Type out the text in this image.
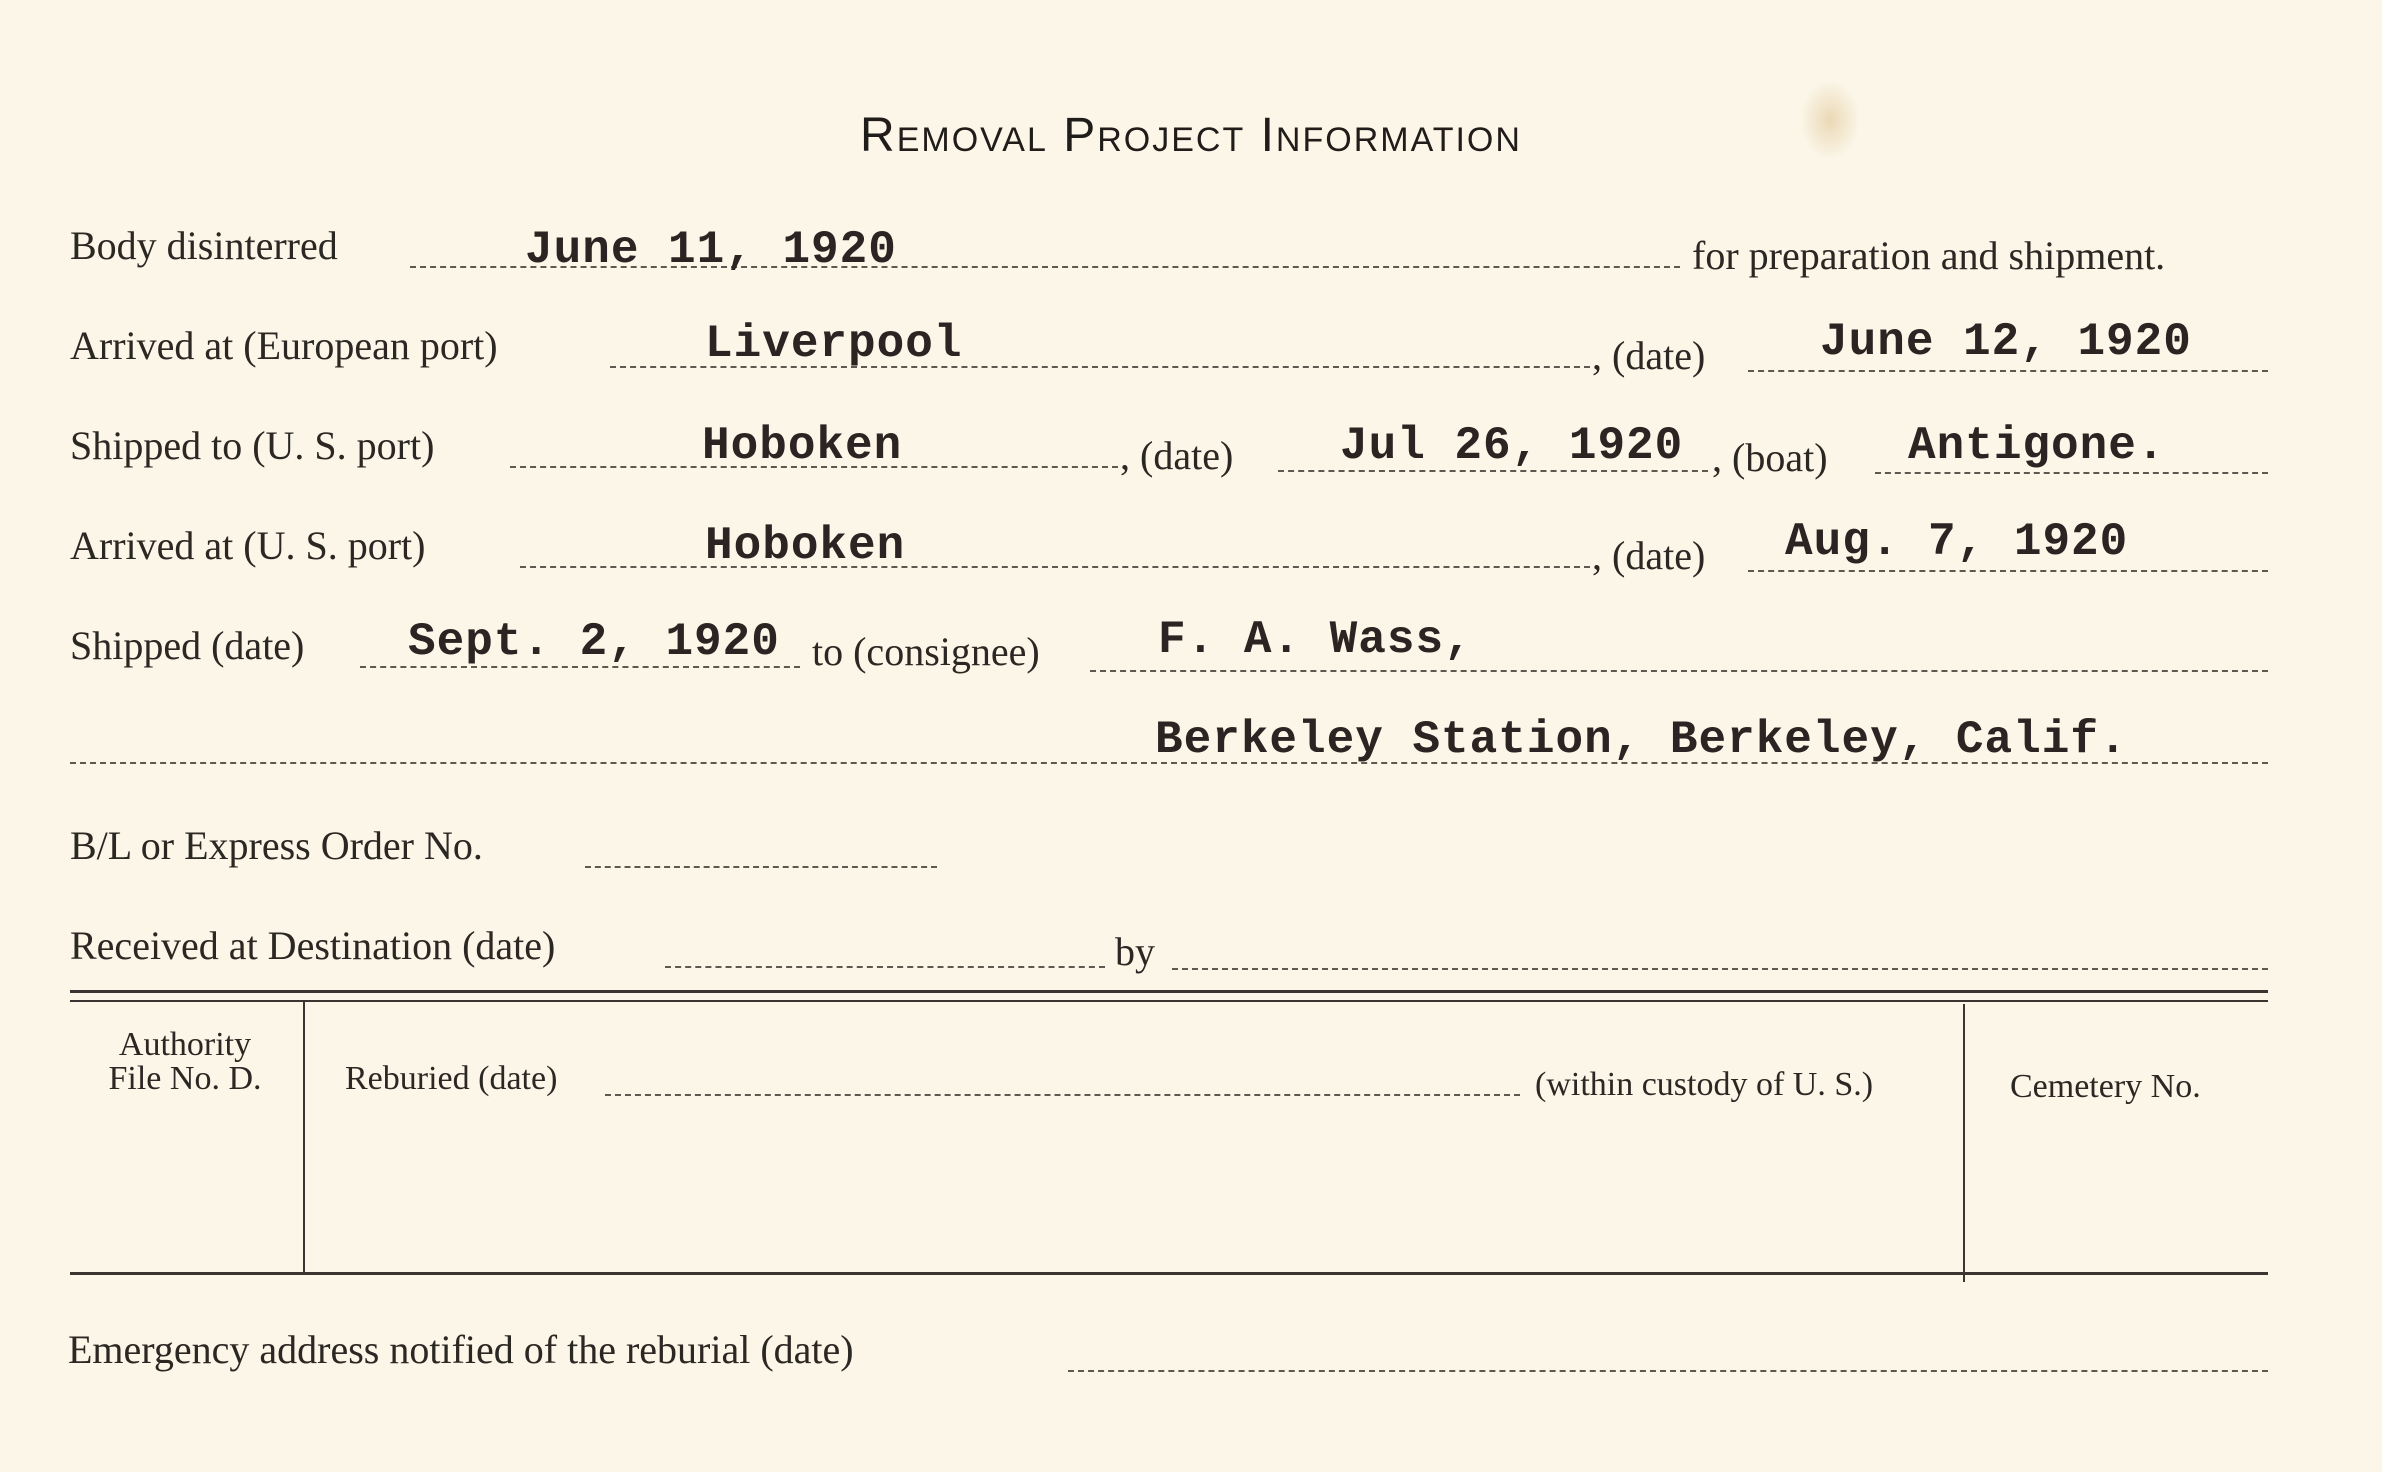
Removal Project Information
Body disinterred	June 11, 1920	for preparation and shipment.
Arrived at (European port)	Liverpool	, (date) June 12, 1920
Shipped to (U. S. port)	Hoboken	, (date) Jul 26, 1920 , (boat) Antigone.
Arrived at (U. S. port)	Hoboken	, (date) Aug. 7, 1920
Shipped (date) Sept. 2, 1920 to (consignee)	F. A. Wass,
Berkeley Station, Berkeley, Calif.
B/L or Express Order No.
Received at Destination (date)	by
Authority
File No. D.	Reburied (date)	(within custody of U. S.)	Cemetery No.
Emergency address notified of the reburial (date)
